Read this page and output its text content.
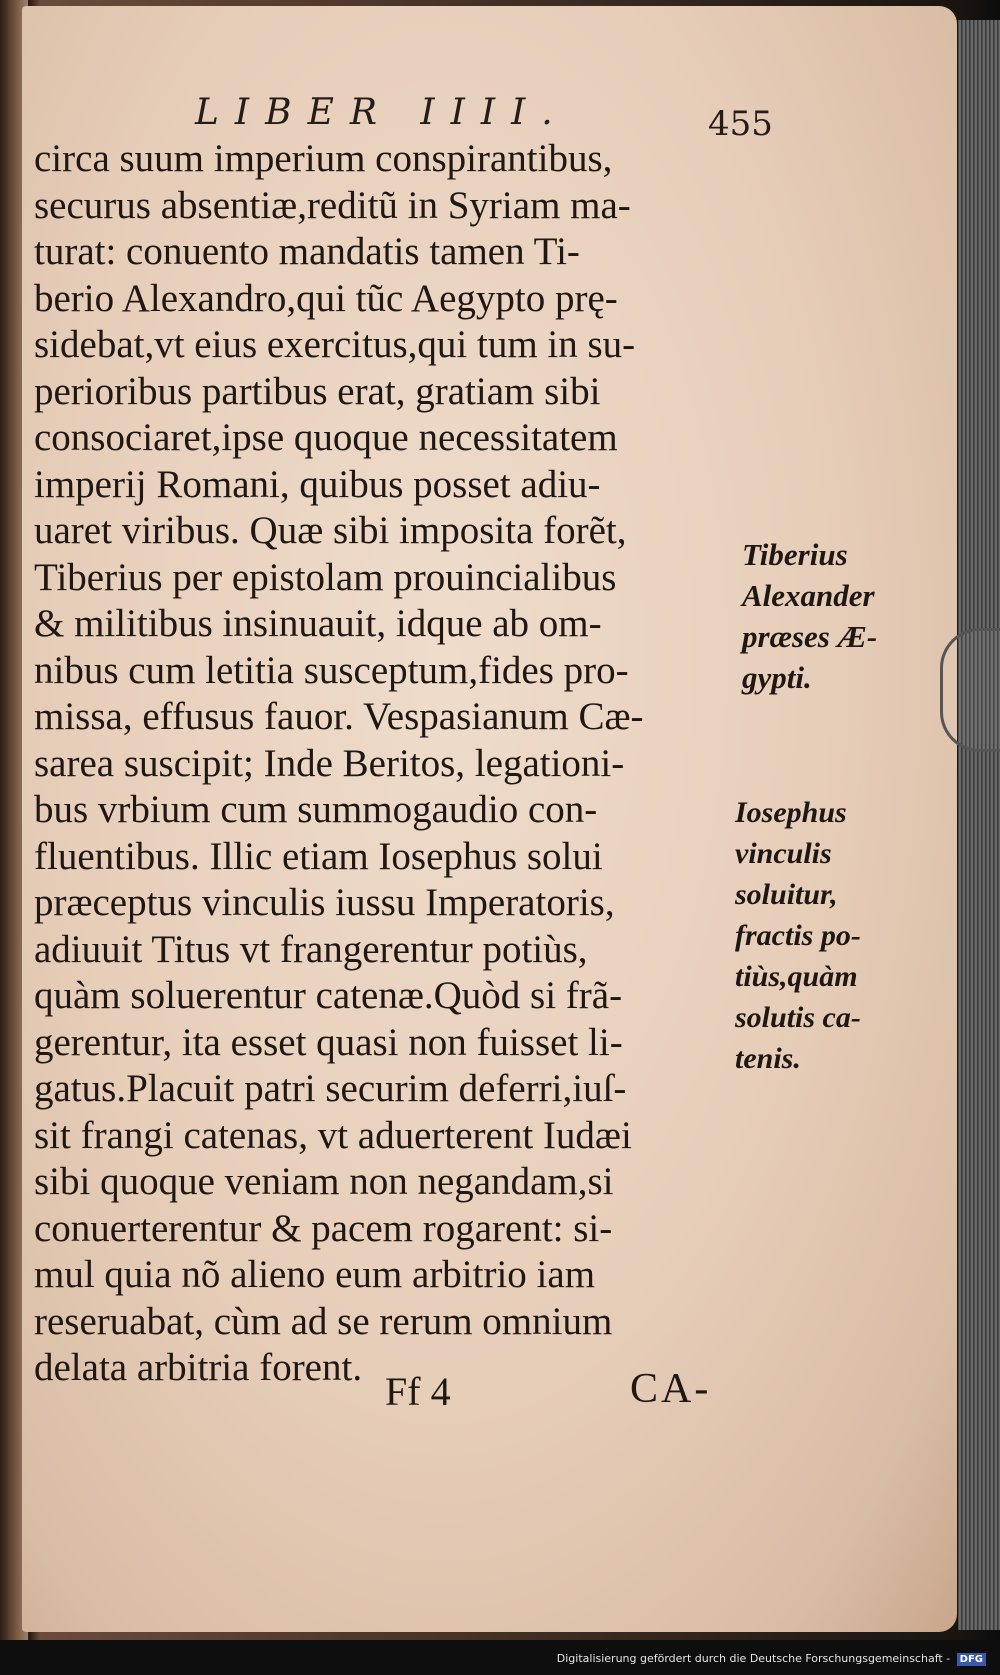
LIBER IIII.	455
circa suum imperium conspirantibus,
securus absentiæ,reditũ in Syriam ma-
turat: conuento mandatis tamen Ti-
berio Alexandro,qui tũc Aegypto prę-
sidebat,vt eius exercitus,qui tum in su-
perioribus partibus erat, gratiam sibi
consociaret,ipse quoque necessitatem
imperij Romani, quibus posset adiu-
uaret viribus. Quæ sibi imposita forẽt,
Tiberius per epistolam prouincialibus
& militibus insinuauit, idque ab om-
nibus cum letitia susceptum,fides pro-
missa, effusus fauor. Vespasianum Cæ-
sarea suscipit; Inde Beritos, legationi-
bus vrbium cum summogaudio con-
fluentibus. Illic etiam Iosephus solui
præceptus vinculis iussu Imperatoris,
adiuuit Titus vt frangerentur potiùs,
quàm soluerentur catenæ.Quòd si frã-
gerentur, ita esset quasi non fuisset li-
gatus.Placuit patri securim deferri,iuſ-
sit frangi catenas, vt aduerterent Iudæi
sibi quoque veniam non negandam,si
conuerterentur & pacem rogarent: si-
mul quia nõ alieno eum arbitrio iam
reseruabat, cùm ad se rerum omnium
delata arbitria forent.
Tiberius
Alexander
præses Æ-
gypti.
Iosephus
vinculis
soluitur,
fractis po-
tiùs,quàm
solutis ca-
tenis.
Ff 4	CA-
Digitalisierung gefördert durch die Deutsche Forschungsgemeinschaft - DFG
